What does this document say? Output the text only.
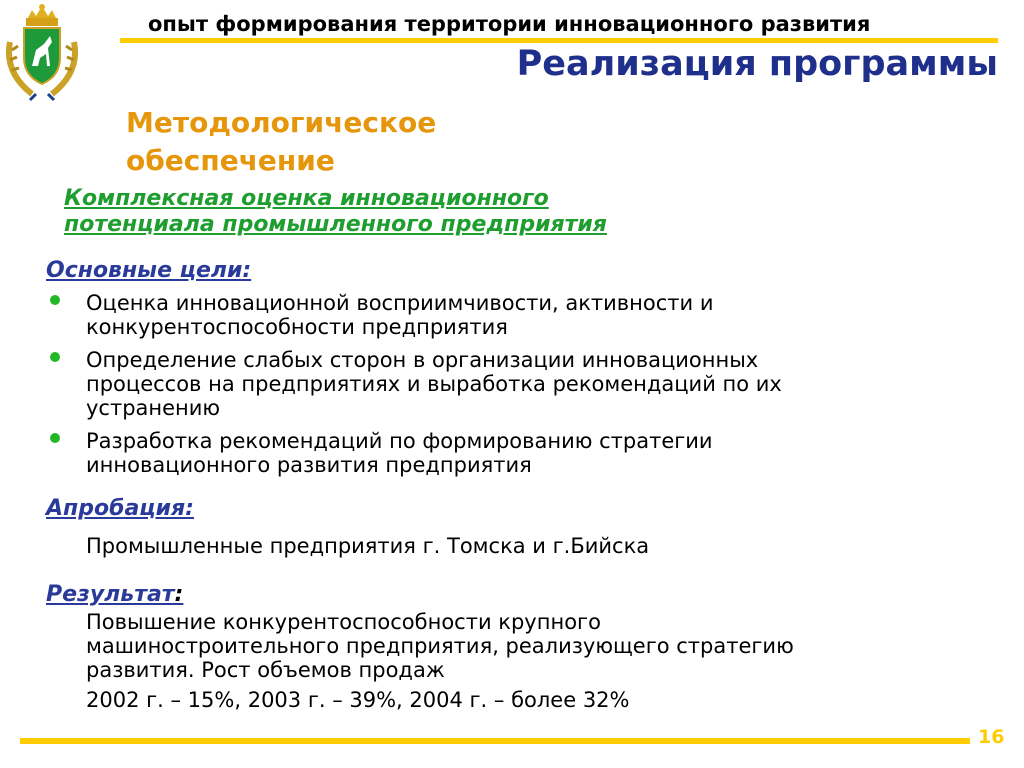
опыт формирования территории инновационного развития
Реализация программы
Методологическое
обеспечение
Комплексная оценка инновационного
потенциала промышленного предприятия
Основные цели:
Оценка инновационной восприимчивости, активности и
конкурентоспособности предприятия
Определение слабых сторон в организации инновационных
процессов на предприятиях и выработка рекомендаций по их
устранению
Разработка рекомендаций по формированию стратегии
инновационного развития предприятия
Апробация:
Промышленные предприятия г. Томска и г.Бийска
Результат:
Повышение конкурентоспособности крупного
машиностроительного предприятия, реализующего стратегию
развития. Рост объемов продаж
2002 г. – 15%, 2003 г. – 39%, 2004 г. – более 32%
16
